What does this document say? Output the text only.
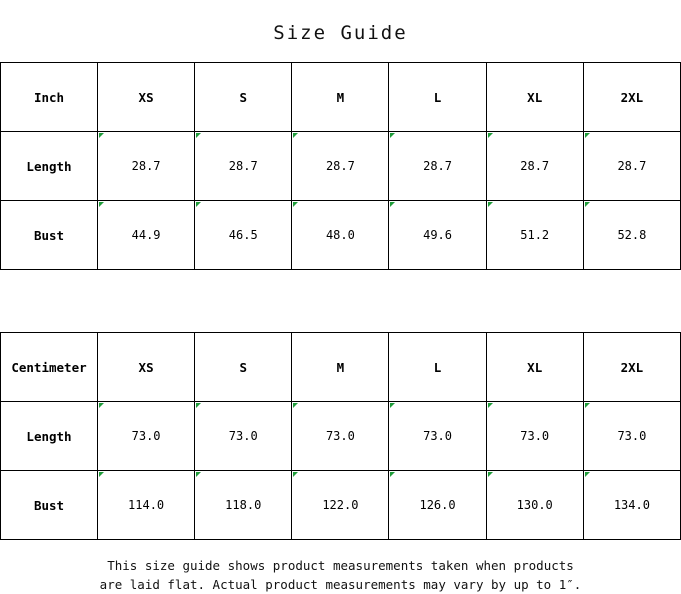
Size Guide
Inch	XS	S	M	L	XL	2XL
Length	28.7	28.7	28.7	28.7	28.7	28.7
Bust	44.9	46.5	48.0	49.6	51.2	52.8
Centimeter	XS	S	M	L	XL	2XL
Length	73.0	73.0	73.0	73.0	73.0	73.0
Bust	114.0	118.0	122.0	126.0	130.0	134.0
This size guide shows product measurements taken when products
are laid flat. Actual product measurements may vary by up to 1″.
